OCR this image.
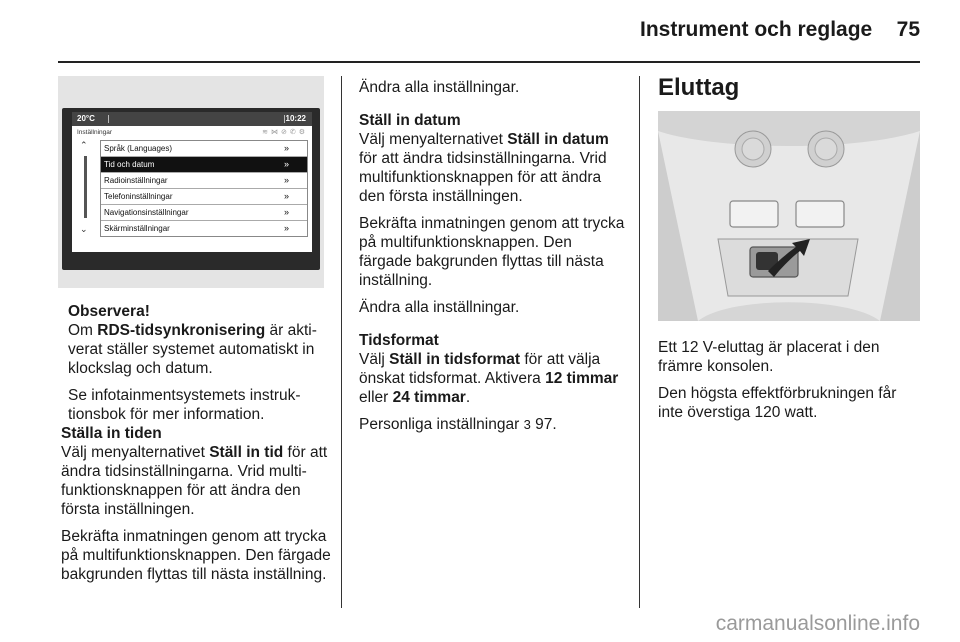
Instrument och reglage 75
20°C	10:22
Inställningar	≋⋈⊘✆⚙
⌃
⌄
Språk (Languages)	»
Tid och datum	»
Radioinställningar	»
Telefoninställningar	»
Navigationsinställningar	»
Skärminställningar	»
Observera!

Om RDS-tidsynkronisering är akti-verat ställer systemet automatiskt in klockslag och datum.

Se infotainmentsystemets instruk-tionsbok för mer information.

Ställa in tiden

Välj menyalternativet Ställ in tid för att ändra tidsinställningarna. Vrid multi-funktionsknappen för att ändra den första inställningen.

Bekräfta inmatningen genom att trycka på multifunktionsknappen. Den färgade bakgrunden flyttas till nästa inställning.

Ändra alla inställningar.

Ställ in datum

Välj menyalternativet Ställ in datum för att ändra tidsinställningarna. Vrid multifunktionsknappen för att ändra den första inställningen.

Bekräfta inmatningen genom att trycka på multifunktionsknappen. Den färgade bakgrunden flyttas till nästa inställning.

Ändra alla inställningar.

Tidsformat

Välj Ställ in tidsformat för att välja önskat tidsformat. Aktivera 12 timmar eller 24 timmar.

Personliga inställningar 3 97.

Eluttag

Ett 12 V-eluttag är placerat i den främre konsolen.

Den högsta effektförbrukningen får inte överstiga 120 watt.

carmanualsonline.info
